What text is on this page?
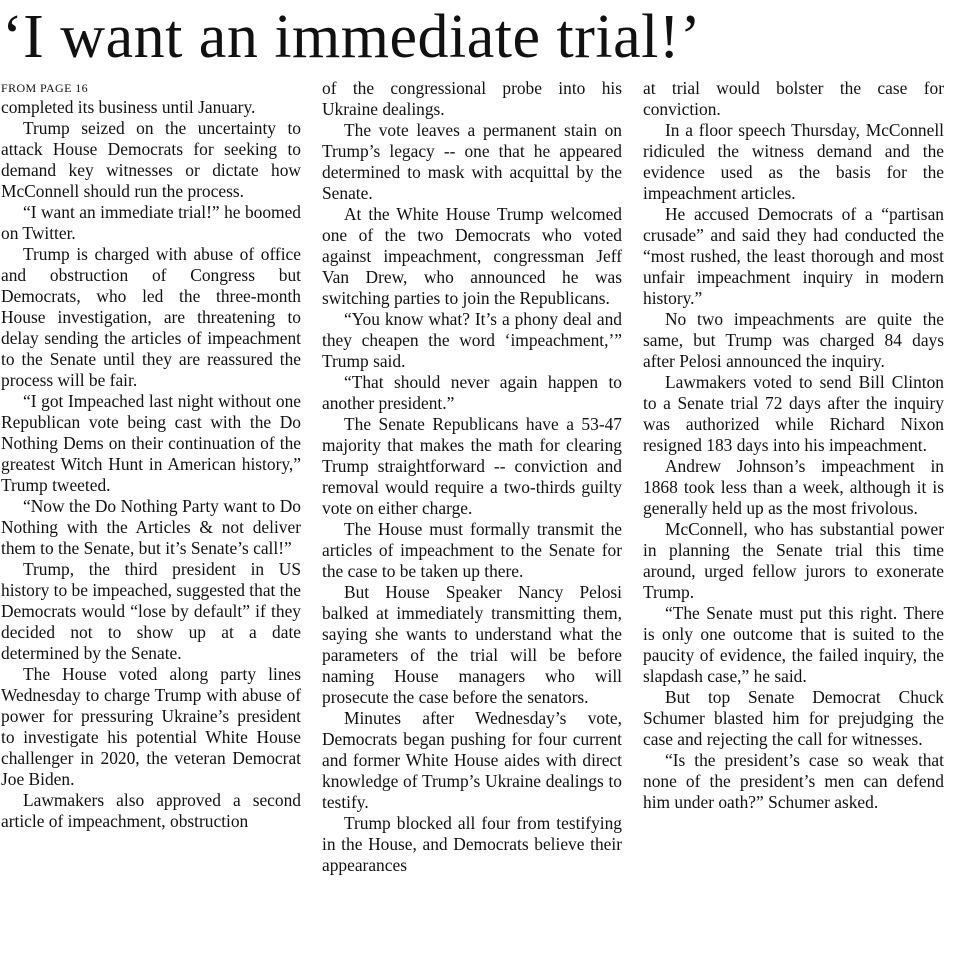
‘I want an immediate trial!’
FROM PAGE 16

completed its business until January.

Trump seized on the uncertainty to attack House Democrats for seeking to demand key witnesses or dictate how McConnell should run the process.

“I want an immediate trial!” he boomed on Twitter.

Trump is charged with abuse of office and obstruction of Congress but Democrats, who led the three-month House investigation, are threatening to delay sending the articles of impeachment to the Senate until they are reassured the process will be fair.

“I got Impeached last night without one Republican vote being cast with the Do Nothing Dems on their continuation of the greatest Witch Hunt in American history,” Trump tweeted.

“Now the Do Nothing Party want to Do Nothing with the Articles & not deliver them to the Senate, but it’s Senate’s call!”

Trump, the third president in US history to be impeached, suggested that the Democrats would “lose by default” if they decided not to show up at a date determined by the Senate.

The House voted along party lines Wednesday to charge Trump with abuse of power for pressuring Ukraine’s president to investigate his potential White House challenger in 2020, the veteran Democrat Joe Biden.

Lawmakers also approved a second article of impeachment, obstruction

of the congressional probe into his Ukraine dealings.

The vote leaves a permanent stain on Trump’s legacy -- one that he appeared determined to mask with acquittal by the Senate.

At the White House Trump welcomed one of the two Democrats who voted against impeachment, congressman Jeff Van Drew, who announced he was switching parties to join the Republicans.

“You know what? It’s a phony deal and they cheapen the word ‘impeachment,’” Trump said.

“That should never again happen to another president.”

The Senate Republicans have a 53-47 majority that makes the math for clearing Trump straightforward -- conviction and removal would require a two-thirds guilty vote on either charge.

The House must formally transmit the articles of impeachment to the Senate for the case to be taken up there.

But House Speaker Nancy Pelosi balked at immediately transmitting them, saying she wants to understand what the parameters of the trial will be before naming House managers who will prosecute the case before the senators.

Minutes after Wednesday’s vote, Democrats began pushing for four current and former White House aides with direct knowledge of Trump’s Ukraine dealings to testify.

Trump blocked all four from testifying in the House, and Democrats believe their appearances

at trial would bolster the case for conviction.

In a floor speech Thursday, McConnell ridiculed the witness demand and the evidence used as the basis for the impeachment articles.

He accused Democrats of a “partisan crusade” and said they had conducted the “most rushed, the least thorough and most unfair impeachment inquiry in modern history.”

No two impeachments are quite the same, but Trump was charged 84 days after Pelosi announced the inquiry.

Lawmakers voted to send Bill Clinton to a Senate trial 72 days after the inquiry was authorized while Richard Nixon resigned 183 days into his impeachment.

Andrew Johnson’s impeachment in 1868 took less than a week, although it is generally held up as the most frivolous.

McConnell, who has substantial power in planning the Senate trial this time around, urged fellow jurors to exonerate Trump.

“The Senate must put this right. There is only one outcome that is suited to the paucity of evidence, the failed inquiry, the slapdash case,” he said.

But top Senate Democrat Chuck Schumer blasted him for prejudging the case and rejecting the call for witnesses.

“Is the president’s case so weak that none of the president’s men can defend him under oath?” Schumer asked.
